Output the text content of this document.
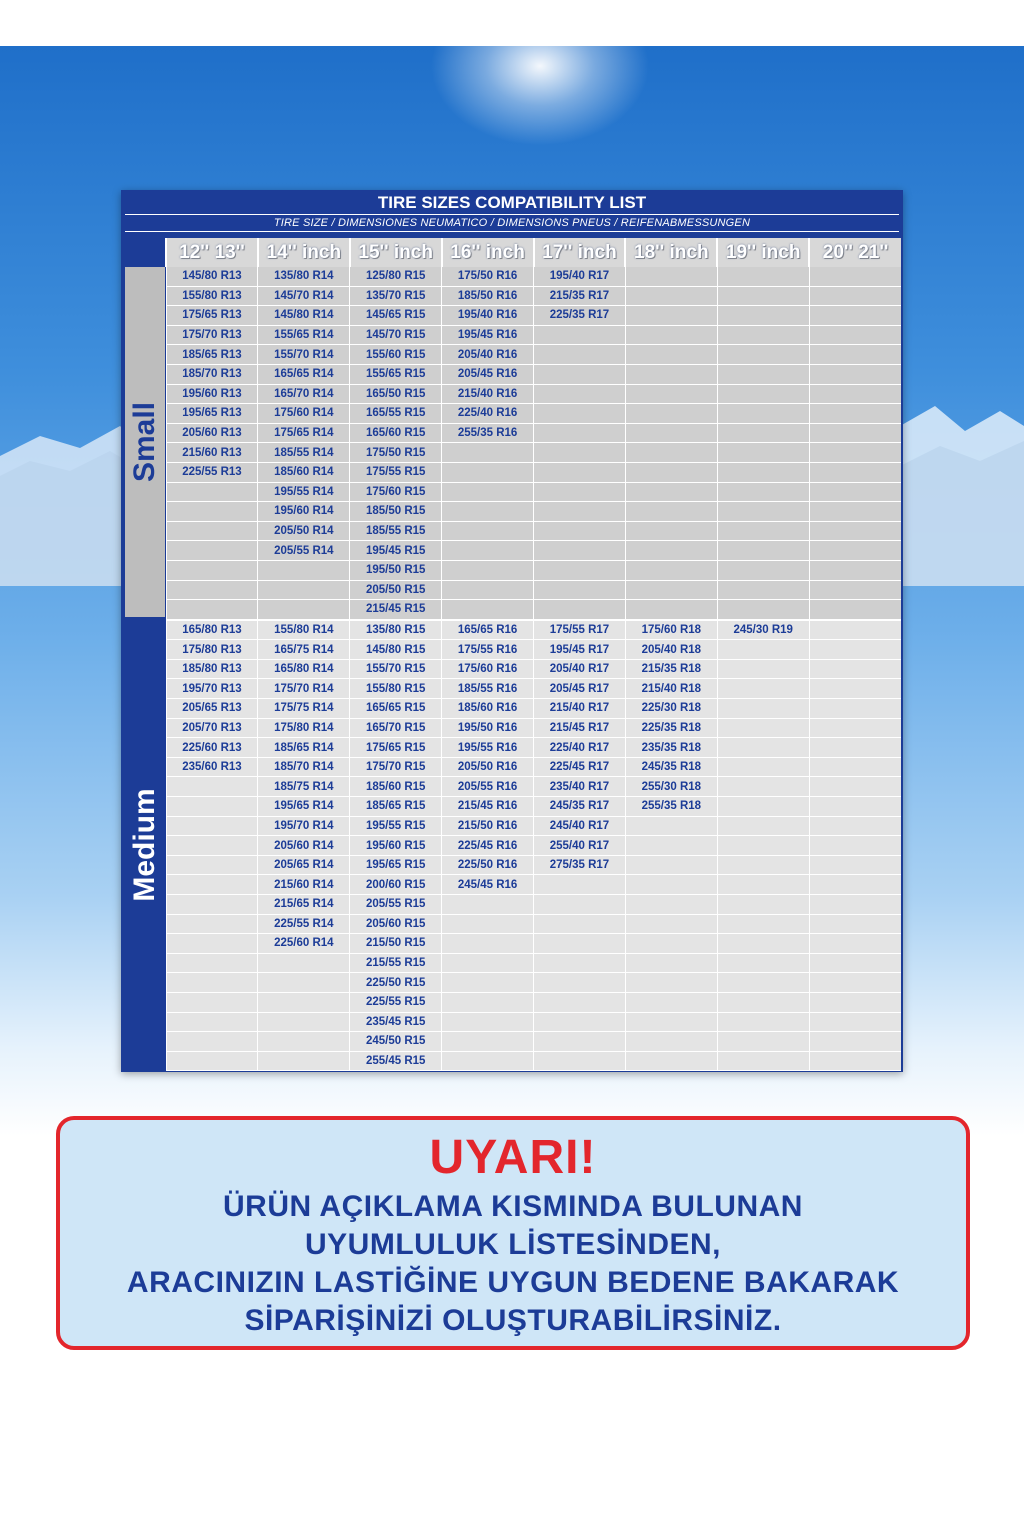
TIRE SIZES COMPATIBILITY LIST
TIRE SIZE / DIMENSIONES NEUMATICO / DIMENSIONS PNEUS / REIFENABMESSUNGEN
Small
Medium
12'' 13''	14'' inch	15'' inch	16'' inch	17'' inch	18'' inch	19'' inch	20'' 21''
145/80 R13	135/80 R14	125/80 R15	175/50 R16	195/40 R17			
155/80 R13	145/70 R14	135/70 R15	185/50 R16	215/35 R17			
175/65 R13	145/80 R14	145/65 R15	195/40 R16	225/35 R17			
175/70 R13	155/65 R14	145/70 R15	195/45 R16				
185/65 R13	155/70 R14	155/60 R15	205/40 R16				
185/70 R13	165/65 R14	155/65 R15	205/45 R16				
195/60 R13	165/70 R14	165/50 R15	215/40 R16				
195/65 R13	175/60 R14	165/55 R15	225/40 R16				
205/60 R13	175/65 R14	165/60 R15	255/35 R16				
215/60 R13	185/55 R14	175/50 R15					
225/55 R13	185/60 R14	175/55 R15					
	195/55 R14	175/60 R15					
	195/60 R14	185/50 R15					
	205/50 R14	185/55 R15					
	205/55 R14	195/45 R15					
		195/50 R15					
		205/50 R15					
		215/45 R15					
165/80 R13	155/80 R14	135/80 R15	165/65 R16	175/55 R17	175/60 R18	245/30 R19	
175/80 R13	165/75 R14	145/80 R15	175/55 R16	195/45 R17	205/40 R18		
185/80 R13	165/80 R14	155/70 R15	175/60 R16	205/40 R17	215/35 R18		
195/70 R13	175/70 R14	155/80 R15	185/55 R16	205/45 R17	215/40 R18		
205/65 R13	175/75 R14	165/65 R15	185/60 R16	215/40 R17	225/30 R18		
205/70 R13	175/80 R14	165/70 R15	195/50 R16	215/45 R17	225/35 R18		
225/60 R13	185/65 R14	175/65 R15	195/55 R16	225/40 R17	235/35 R18		
235/60 R13	185/70 R14	175/70 R15	205/50 R16	225/45 R17	245/35 R18		
	185/75 R14	185/60 R15	205/55 R16	235/40 R17	255/30 R18		
	195/65 R14	185/65 R15	215/45 R16	245/35 R17	255/35 R18		
	195/70 R14	195/55 R15	215/50 R16	245/40 R17			
	205/60 R14	195/60 R15	225/45 R16	255/40 R17			
	205/65 R14	195/65 R15	225/50 R16	275/35 R17			
	215/60 R14	200/60 R15	245/45 R16				
	215/65 R14	205/55 R15					
	225/55 R14	205/60 R15					
	225/60 R14	215/50 R15					
		215/55 R15					
		225/50 R15					
		225/55 R15					
		235/45 R15					
		245/50 R15					
		255/45 R15					
UYARI!
ÜRÜN AÇIKLAMA KISMINDA BULUNAN
UYUMLULUK LİSTESİNDEN,
ARACINIZIN LASTİĞİNE UYGUN BEDENE BAKARAK
SİPARİŞİNİZİ OLUŞTURABİLİRSİNİZ.
